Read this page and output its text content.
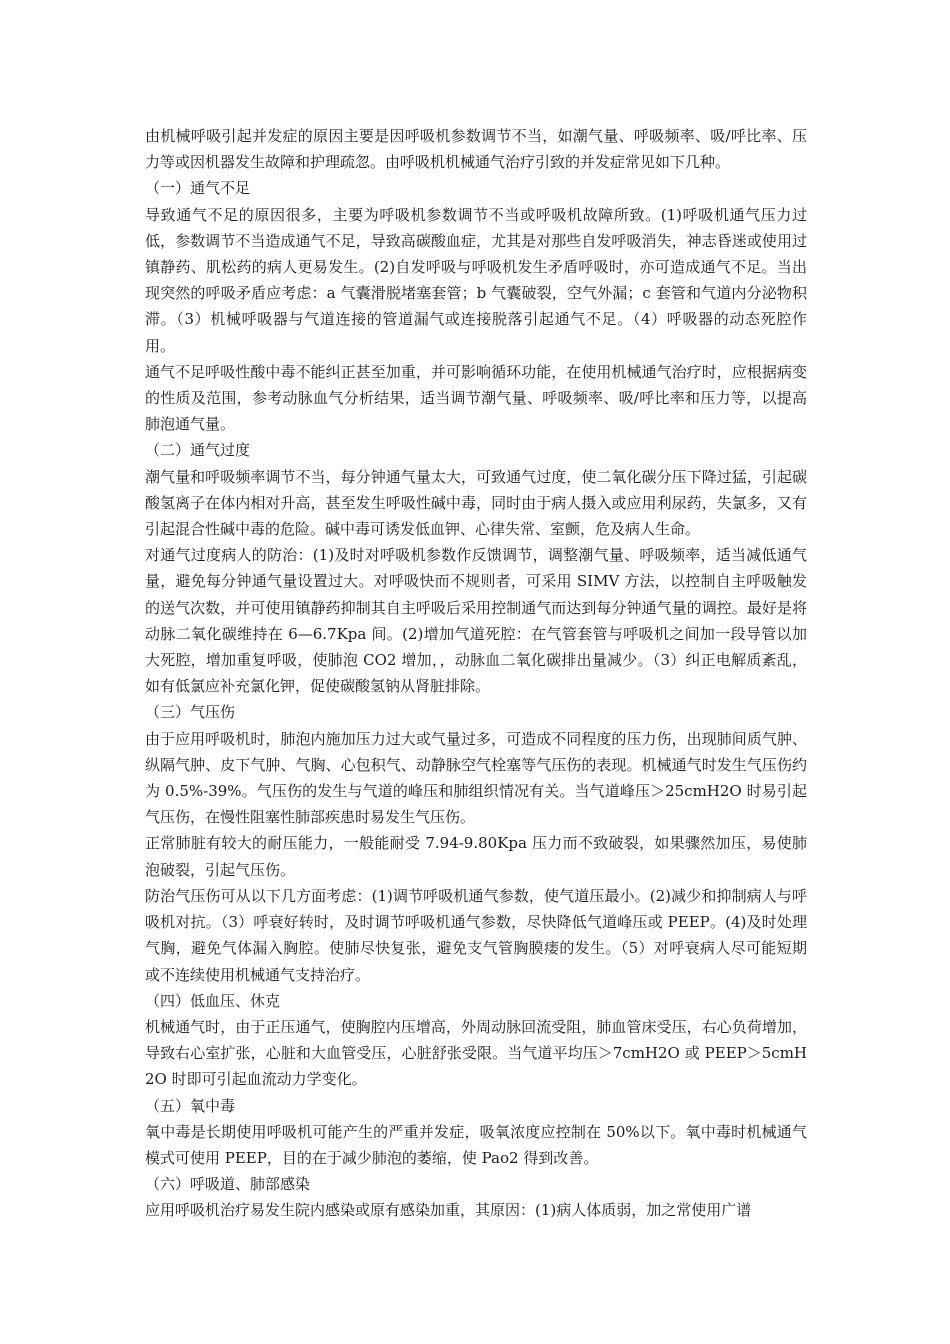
由机械呼吸引起并发症的原因主要是因呼吸机参数调节不当，如潮气量、呼吸频率、吸/呼比率、压力等或因机器发生故障和护理疏忽。由呼吸机机械通气治疗引致的并发症常见如下几种。
（一）通气不足
导致通气不足的原因很多，主要为呼吸机参数调节不当或呼吸机故障所致。(1)呼吸机通气压力过低，参数调节不当造成通气不足，导致高碳酸血症，尤其是对那些自发呼吸消失，神志昏迷或使用过镇静药、肌松药的病人更易发生。(2)自发呼吸与呼吸机发生矛盾呼吸时，亦可造成通气不足。当出现突然的呼吸矛盾应考虑：a 气囊滑脱堵塞套管；b 气囊破裂，空气外漏；c 套管和气道内分泌物积滞。（3）机械呼吸器与气道连接的管道漏气或连接脱落引起通气不足。（4）呼吸器的动态死腔作用。
通气不足呼吸性酸中毒不能纠正甚至加重，并可影响循环功能，在使用机械通气治疗时，应根据病变的性质及范围，参考动脉血气分析结果，适当调节潮气量、呼吸频率、吸/呼比率和压力等，以提高肺泡通气量。
（二）通气过度
潮气量和呼吸频率调节不当，每分钟通气量太大，可致通气过度，使二氧化碳分压下降过猛，引起碳酸氢离子在体内相对升高，甚至发生呼吸性碱中毒，同时由于病人摄入或应用利尿药，失氯多，又有引起混合性碱中毒的危险。碱中毒可诱发低血钾、心律失常、室颤，危及病人生命。
对通气过度病人的防治：(1)及时对呼吸机参数作反馈调节，调整潮气量、呼吸频率，适当减低通气量，避免每分钟通气量设置过大。对呼吸快而不规则者，可采用 SIMV 方法，以控制自主呼吸触发的送气次数，并可使用镇静药抑制其自主呼吸后采用控制通气而达到每分钟通气量的调控。最好是将动脉二氧化碳维持在 6—6.7Kpa 间。(2)增加气道死腔：在气管套管与呼吸机之间加一段导管以加大死腔，增加重复呼吸，使肺泡 CO2 增加，，动脉血二氧化碳排出量减少。（3）纠正电解质紊乱，如有低氯应补充氯化钾，促使碳酸氢钠从肾脏排除。
（三）气压伤
由于应用呼吸机时，肺泡内施加压力过大或气量过多，可造成不同程度的压力伤，出现肺间质气肿、纵隔气肿、皮下气肿、气胸、心包积气、动静脉空气栓塞等气压伤的表现。机械通气时发生气压伤约为 0.5%-39%。气压伤的发生与气道的峰压和肺组织情况有关。当气道峰压＞25cmH2O 时易引起气压伤，在慢性阻塞性肺部疾患时易发生气压伤。
正常肺脏有较大的耐压能力，一般能耐受 7.94-9.80Kpa 压力而不致破裂，如果骤然加压，易使肺泡破裂，引起气压伤。
防治气压伤可从以下几方面考虑：(1)调节呼吸机通气参数，使气道压最小。(2)减少和抑制病人与呼吸机对抗。（3）呼衰好转时，及时调节呼吸机通气参数，尽快降低气道峰压或 PEEP。(4)及时处理气胸，避免气体漏入胸腔。使肺尽快复张，避免支气管胸膜瘘的发生。（5）对呼衰病人尽可能短期或不连续使用机械通气支持治疗。
（四）低血压、休克
机械通气时，由于正压通气，使胸腔内压增高，外周动脉回流受阻，肺血管床受压，右心负荷增加，导致右心室扩张，心脏和大血管受压，心脏舒张受限。当气道平均压＞7cmH2O 或 PEEP＞5cmH2O 时即可引起血流动力学变化。
（五）氧中毒
氧中毒是长期使用呼吸机可能产生的严重并发症，吸氧浓度应控制在 50%以下。氧中毒时机械通气模式可使用 PEEP，目的在于减少肺泡的萎缩，使 Pao2 得到改善。
（六）呼吸道、肺部感染
应用呼吸机治疗易发生院内感染或原有感染加重，其原因：(1)病人体质弱，加之常使用广谱
